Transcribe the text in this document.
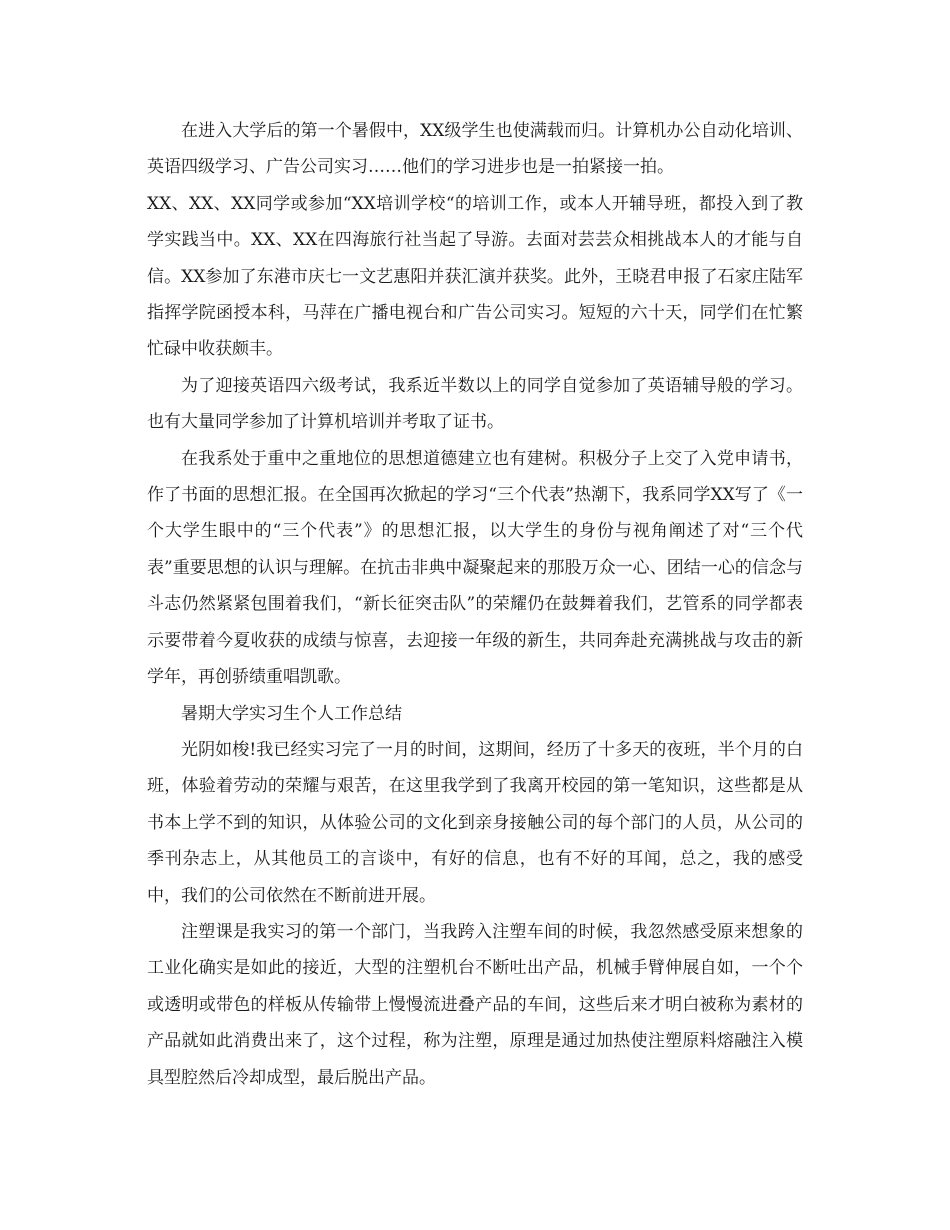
在进入大学后的第一个暑假中，XX级学生也使满载而归。计算机办公自动化培训、英语四级学习、广告公司实习……他们的学习进步也是一拍紧接一拍。

XX、XX、XX同学或参加“XX培训学校“的培训工作，或本人开辅导班，都投入到了教学实践当中。XX、XX在四海旅行社当起了导游。去面对芸芸众相挑战本人的才能与自信。XX参加了东港市庆七一文艺惠阳并获汇演并获奖。此外，王晓君申报了石家庄陆军指挥学院函授本科，马萍在广播电视台和广告公司实习。短短的六十天，同学们在忙繁忙碌中收获颇丰。

为了迎接英语四六级考试，我系近半数以上的同学自觉参加了英语辅导般的学习。也有大量同学参加了计算机培训并考取了证书。

在我系处于重中之重地位的思想道德建立也有建树。积极分子上交了入党申请书，作了书面的思想汇报。在全国再次掀起的学习“三个代表”热潮下，我系同学XX写了《一个大学生眼中的“三个代表”》的思想汇报，以大学生的身份与视角阐述了对“三个代表”重要思想的认识与理解。在抗击非典中凝聚起来的那股万众一心、团结一心的信念与斗志仍然紧紧包围着我们，“新长征突击队”的荣耀仍在鼓舞着我们，艺管系的同学都表示要带着今夏收获的成绩与惊喜，去迎接一年级的新生，共同奔赴充满挑战与攻击的新学年，再创骄绩重唱凯歌。

暑期大学实习生个人工作总结

光阴如梭!我已经实习完了一月的时间，这期间，经历了十多天的夜班，半个月的白班，体验着劳动的荣耀与艰苦，在这里我学到了我离开校园的第一笔知识，这些都是从书本上学不到的知识，从体验公司的文化到亲身接触公司的每个部门的人员，从公司的季刊杂志上，从其他员工的言谈中，有好的信息，也有不好的耳闻，总之，我的感受中，我们的公司依然在不断前进开展。

注塑课是我实习的第一个部门，当我跨入注塑车间的时候，我忽然感受原来想象的工业化确实是如此的接近，大型的注塑机台不断吐出产品，机械手臂伸展自如，一个个或透明或带色的样板从传输带上慢慢流进叠产品的车间，这些后来才明白被称为素材的产品就如此消费出来了，这个过程，称为注塑，原理是通过加热使注塑原料熔融注入模具型腔然后冷却成型，最后脱出产品。
